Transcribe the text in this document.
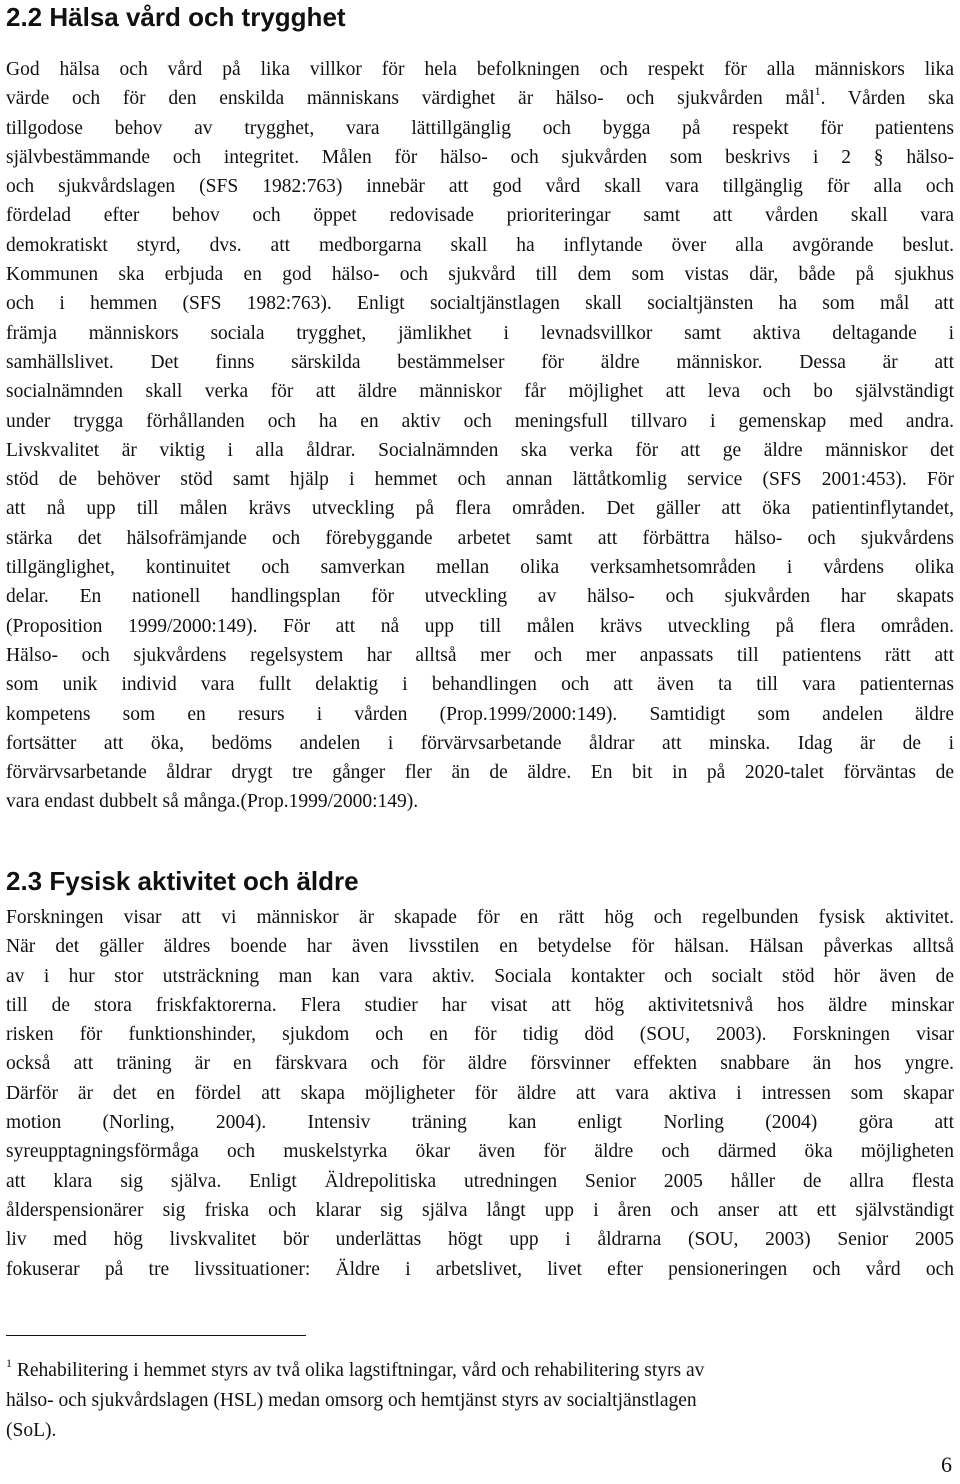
2.2 Hälsa vård och trygghet
God hälsa och vård på lika villkor för hela befolkningen och respekt för alla människors lika
värde och för den enskilda människans värdighet är hälso- och sjukvården mål$^1$. Vården ska
tillgodose behov av trygghet, vara lättillgänglig och bygga på respekt för patientens
självbestämmande och integritet. Målen för hälso- och sjukvården som beskrivs i 2 § hälso-
och sjukvårdslagen (SFS 1982:763) innebär att god vård skall vara tillgänglig för alla och
fördelad efter behov och öppet redovisade prioriteringar samt att vården skall vara
demokratiskt styrd, dvs. att medborgarna skall ha inflytande över alla avgörande beslut.
Kommunen ska erbjuda en god hälso- och sjukvård till dem som vistas där, både på sjukhus
och i hemmen (SFS 1982:763). Enligt socialtjänstlagen skall socialtjänsten ha som mål att
främja människors sociala trygghet, jämlikhet i levnadsvillkor samt aktiva deltagande i
samhällslivet. Det finns särskilda bestämmelser för äldre människor. Dessa är att
socialnämnden skall verka för att äldre människor får möjlighet att leva och bo självständigt
under trygga förhållanden och ha en aktiv och meningsfull tillvaro i gemenskap med andra.
Livskvalitet är viktig i alla åldrar. Socialnämnden ska verka för att ge äldre människor det
stöd de behöver stöd samt hjälp i hemmet och annan lättåtkomlig service (SFS 2001:453). För
att nå upp till målen krävs utveckling på flera områden. Det gäller att öka patientinflytandet,
stärka det hälsofrämjande och förebyggande arbetet samt att förbättra hälso- och sjukvårdens
tillgänglighet, kontinuitet och samverkan mellan olika verksamhetsområden i vårdens olika
delar. En nationell handlingsplan för utveckling av hälso- och sjukvården har skapats
(Proposition 1999/2000:149). För att nå upp till målen krävs utveckling på flera områden.
Hälso- och sjukvårdens regelsystem har alltså mer och mer anpassats till patientens rätt att
som unik individ vara fullt delaktig i behandlingen och att även ta till vara patienternas
kompetens som en resurs i vården (Prop.1999/2000:149). Samtidigt som andelen äldre
fortsätter att öka, bedöms andelen i förvärvsarbetande åldrar att minska. Idag är de i
förvärvsarbetande åldrar drygt tre gånger fler än de äldre. En bit in på 2020-talet förväntas de
vara endast dubbelt så många.(Prop.1999/2000:149).
2.3 Fysisk aktivitet och äldre
Forskningen visar att vi människor är skapade för en rätt hög och regelbunden fysisk aktivitet.
När det gäller äldres boende har även livsstilen en betydelse för hälsan. Hälsan påverkas alltså
av i hur stor utsträckning man kan vara aktiv. Sociala kontakter och socialt stöd hör även de
till de stora friskfaktorerna. Flera studier har visat att hög aktivitetsnivå hos äldre minskar
risken för funktionshinder, sjukdom och en för tidig död (SOU, 2003). Forskningen visar
också att träning är en färskvara och för äldre försvinner effekten snabbare än hos yngre.
Därför är det en fördel att skapa möjligheter för äldre att vara aktiva i intressen som skapar
motion (Norling, 2004). Intensiv träning kan enligt Norling (2004) göra att
syreupptagningsförmåga och muskelstyrka ökar även för äldre och därmed öka möjligheten
att klara sig själva. Enligt Äldrepolitiska utredningen Senior 2005 håller de allra flesta
ålderspensionärer sig friska och klarar sig själva långt upp i åren och anser att ett självständigt
liv med hög livskvalitet bör underlättas högt upp i åldrarna (SOU, 2003) Senior 2005
fokuserar på tre livssituationer: Äldre i arbetslivet, livet efter pensioneringen och vård och
$^1$ Rehabilitering i hemmet styrs av två olika lagstiftningar, vård och rehabilitering styrs av
hälso- och sjukvårdslagen (HSL) medan omsorg och hemtjänst styrs av socialtjänstlagen
(SoL).
6
